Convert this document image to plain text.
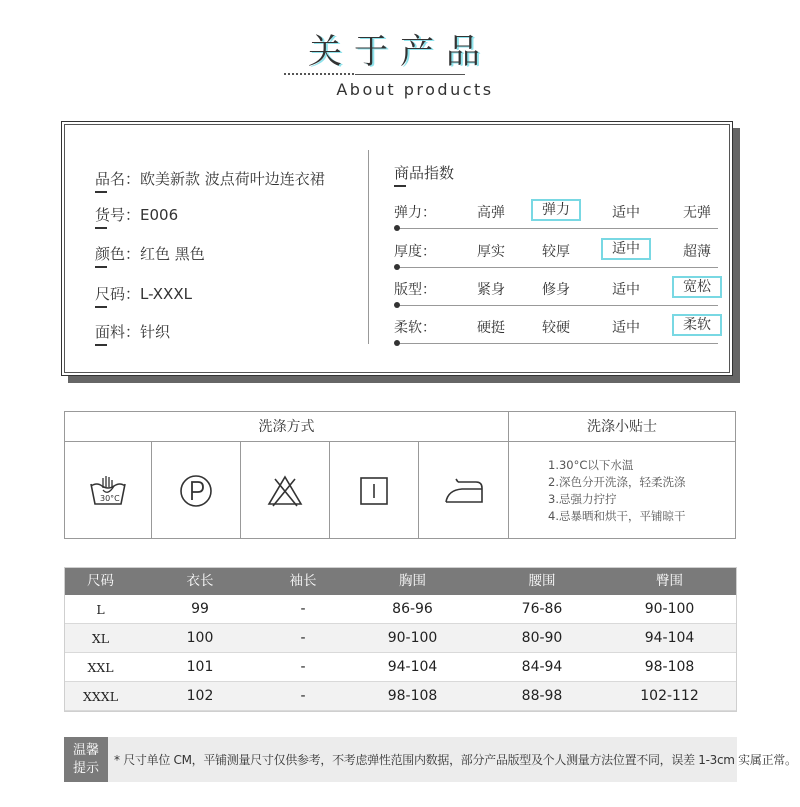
关于产品
About products
品名：欧美新款 波点荷叶边连衣裙
货号：E006
颜色：红色 黑色
尺码：L-XXXL
面料：针织
商品指数
弹力：	高弹	弹力	适中	无弹
厚度：	厚实	较厚	适中	超薄
版型：	紧身	修身	适中	宽松
柔软：	硬挺	较硬	适中	柔软
洗涤方式	洗涤小贴士
30°C
1.30°C以下水温
2.深色分开洗涤，轻柔洗涤
3.忌强力拧拧
4.忌暴晒和烘干，平铺晾干
尺码	衣长	袖长	胸围	腰围	臀围
L	99	-	86-96	76-86	90-100
XL	100	-	90-100	80-90	94-104
XXL	101	-	94-104	84-94	98-108
XXXL	102	-	98-108	88-98	102-112
温馨
提示
* 尺寸单位 CM，平铺测量尺寸仅供参考，不考虑弹性范围内数据，部分产品版型及个人测量方法位置不同，误差 1-3cm 实属正常。
